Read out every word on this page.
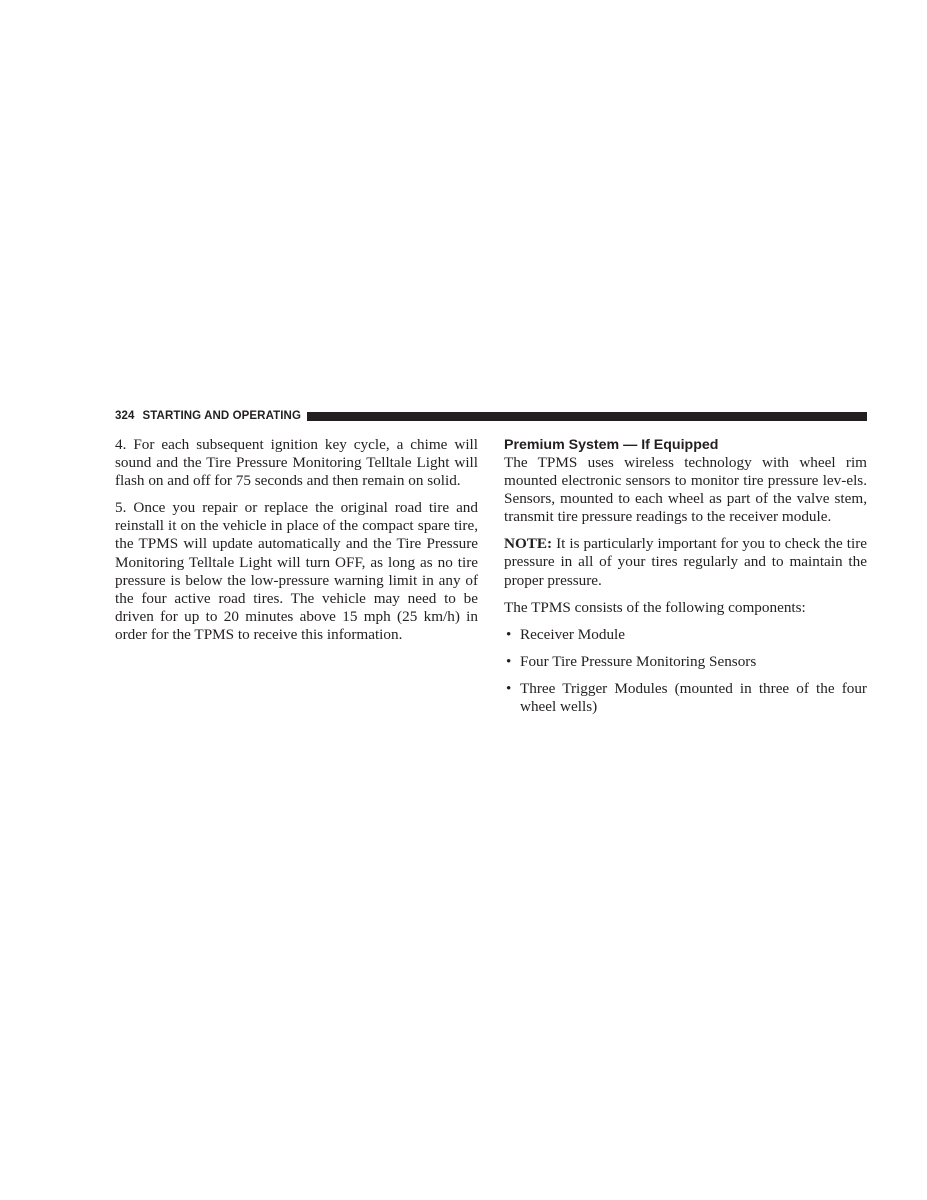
324 STARTING AND OPERATING

4. For each subsequent ignition key cycle, a chime will sound and the Tire Pressure Monitoring Telltale Light will flash on and off for 75 seconds and then remain on solid.

5. Once you repair or replace the original road tire and reinstall it on the vehicle in place of the compact spare tire, the TPMS will update automatically and the Tire Pressure Monitoring Telltale Light will turn OFF, as long as no tire pressure is below the low-pressure warning limit in any of the four active road tires. The vehicle may need to be driven for up to 20 minutes above 15 mph (25 km/h) in order for the TPMS to receive this information.

Premium System — If Equipped

The TPMS uses wireless technology with wheel rim mounted electronic sensors to monitor tire pressure lev-els. Sensors, mounted to each wheel as part of the valve stem, transmit tire pressure readings to the receiver module.

NOTE: It is particularly important for you to check the tire pressure in all of your tires regularly and to maintain the proper pressure.

The TPMS consists of the following components:

• Receiver Module
• Four Tire Pressure Monitoring Sensors
• Three Trigger Modules (mounted in three of the four wheel wells)
